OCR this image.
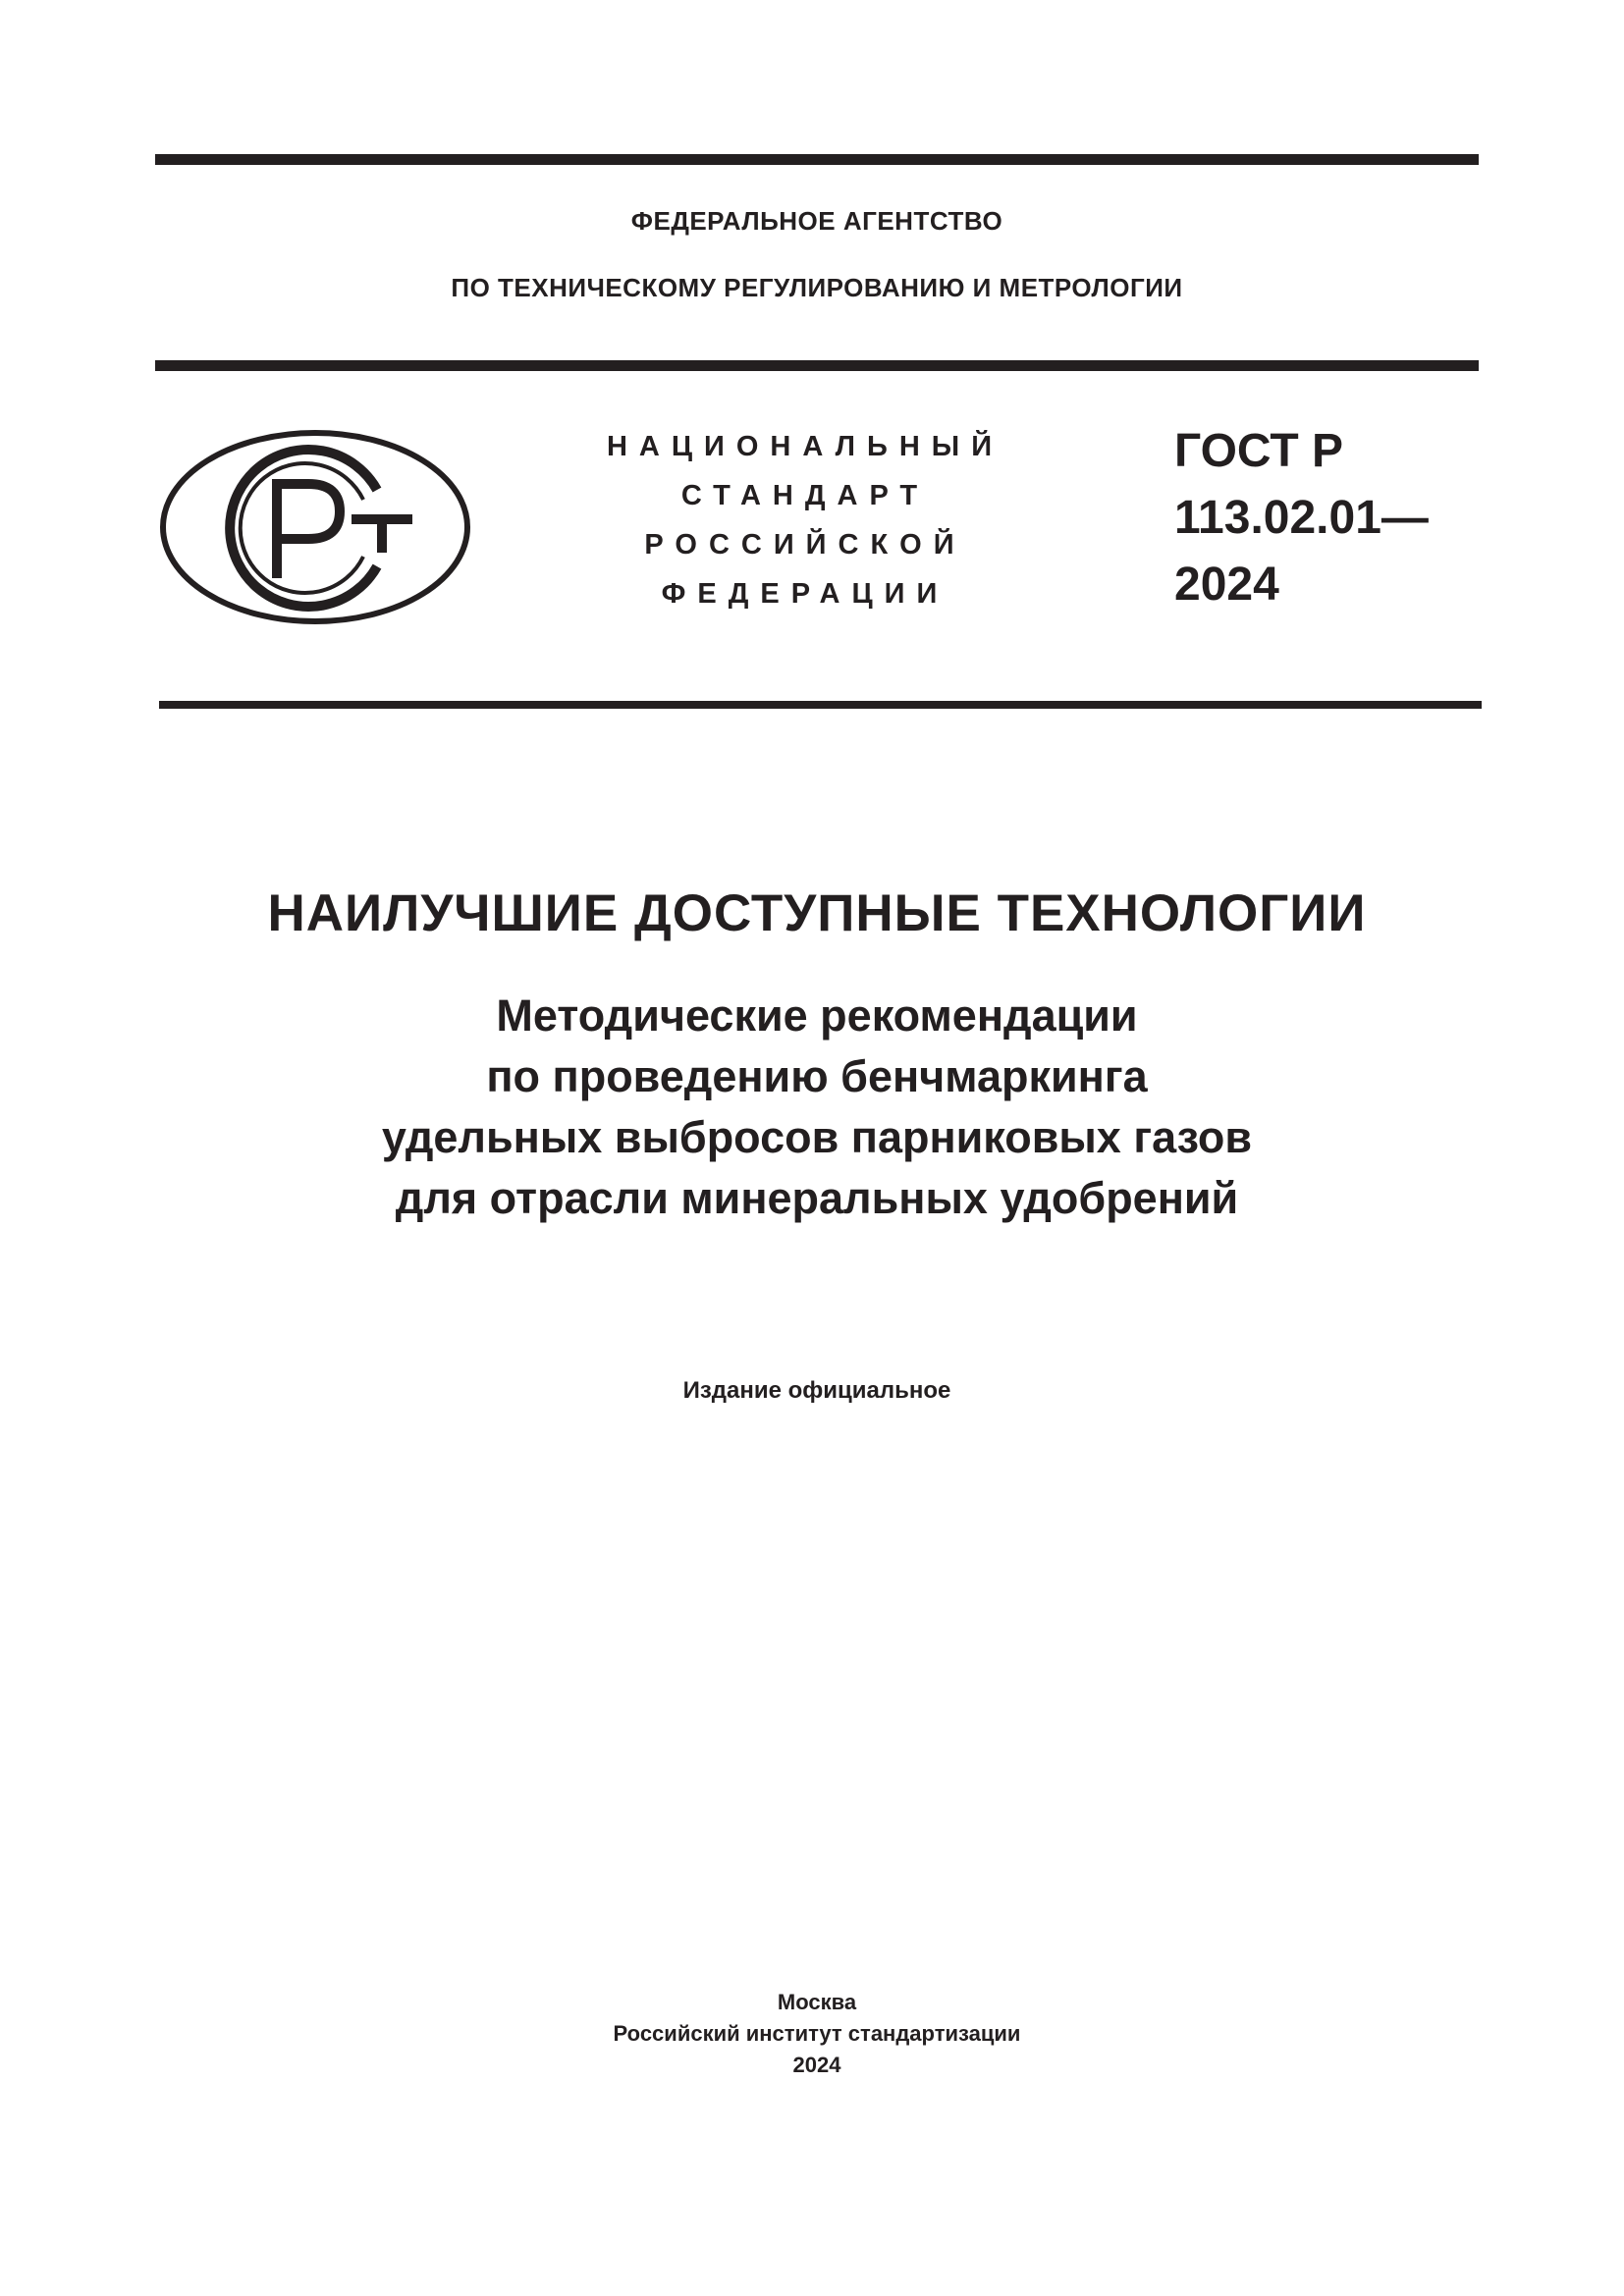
ФЕДЕРАЛЬНОЕ АГЕНТСТВО
ПО ТЕХНИЧЕСКОМУ РЕГУЛИРОВАНИЮ И МЕТРОЛОГИИ
НАЦИОНАЛЬНЫЙ
СТАНДАРТ
РОССИЙСКОЙ
ФЕДЕРАЦИИ
ГОСТ Р
113.02.01—
2024
НАИЛУЧШИЕ ДОСТУПНЫЕ ТЕХНОЛОГИИ
Методические рекомендации
по проведению бенчмаркинга
удельных выбросов парниковых газов
для отрасли минеральных удобрений
Издание официальное
Москва
Российский институт стандартизации
2024
